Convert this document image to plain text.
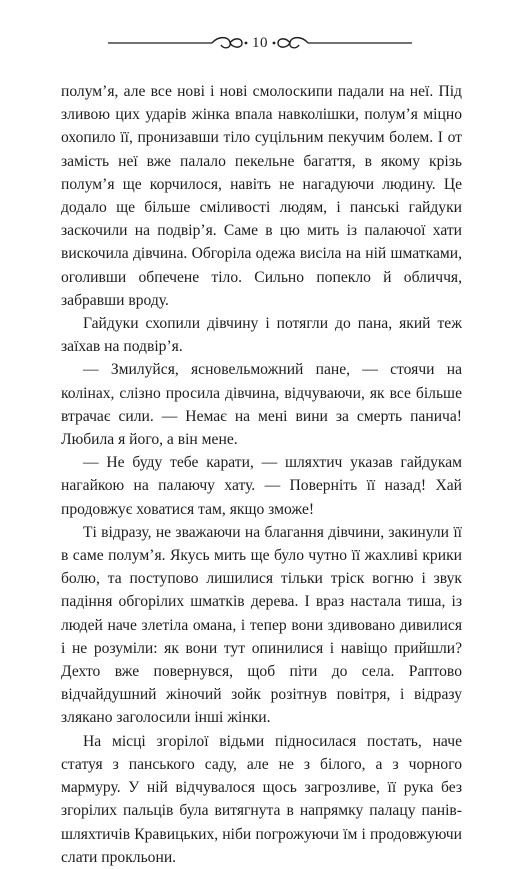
10

полум’я, але все нові і нові смолоскипи падали на неї. Під зливою цих ударів жінка впала навколішки, полум’я міцно охопило її, пронизавши тіло суцільним пекучим болем. І от замість неї вже палало пекельне багаття, в якому крізь полум’я ще корчилося, навіть не нагадуючи людину. Це додало ще більше сміливості людям, і панські гайдуки заскочили на подвір’я. Саме в цю мить із палаючої хати вискочила дівчина. Обгоріла одежа висіла на ній шматками, оголивши обпечене тіло. Сильно попекло й обличчя, забравши вроду.

Гайдуки схопили дівчину і потягли до пана, який теж заїхав на подвір’я.

— Змилуйся, ясновельможний пане, — стоячи на колінах, слізно просила дівчина, відчуваючи, як все більше втрачає сили. — Немає на мені вини за смерть панича! Любила я його, а він мене.

— Не буду тебе карати, — шляхтич указав гайдукам нагайкою на палаючу хату. — Поверніть її назад! Хай продовжує ховатися там, якщо зможе!

Ті відразу, не зважаючи на благання дівчини, закинули її в саме полум’я. Якусь мить ще було чутно її жахливі крики болю, та поступово лишилися тільки тріск вогню і звук падіння обгорілих шматків дерева. І враз настала тиша, із людей наче злетіла омана, і тепер вони здивовано дивилися і не розуміли: як вони тут опинилися і навіщо прийшли? Дехто вже повернувся, щоб піти до села. Раптово відчайдушний жіночий зойк розітнув повітря, і відразу злякано заголосили інші жінки.

На місці згорілої відьми підносилася постать, наче статуя з панського саду, але не з білого, а з чорного мармуру. У ній відчувалося щось загрозливе, її рука без згорілих пальців була витягнута в напрямку палацу панів-шляхтичів Кравицьких, ніби погрожуючи їм і продовжуючи слати прокльони.
